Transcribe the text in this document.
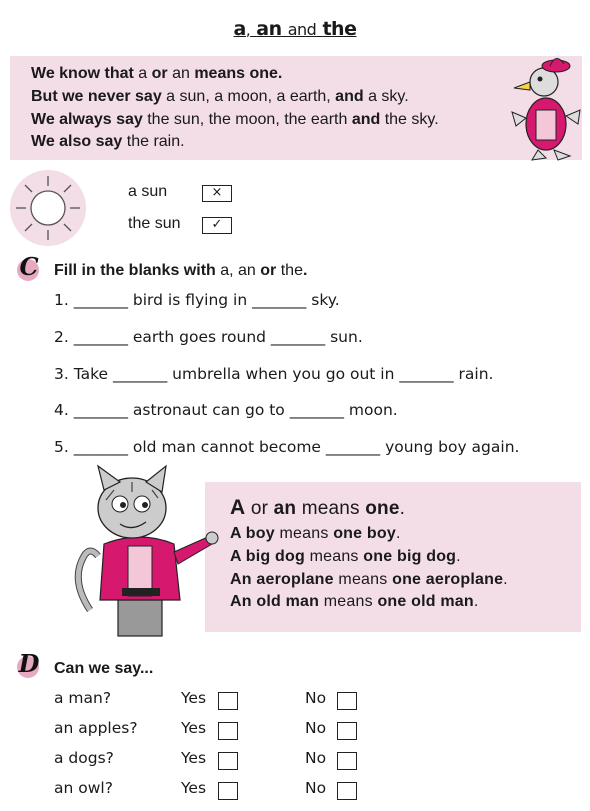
a, an and the
We know that a or an means one.
But we never say a sun, a moon, a earth, and a sky.
We always say the sun, the moon, the earth and the sky.
We also say the rain.
a sun	×
the sun	✓
C Fill in the blanks with a, an or the.
1. _______ bird is flying in _______ sky.
2. _______ earth goes round _______ sun.
3. Take _______ umbrella when you go out in _______ rain.
4. _______ astronaut can go to _______ moon.
5. _______ old man cannot become _______ young boy again.
A or an means one.
A boy means one boy.
A big dog means one big dog.
An aeroplane means one aeroplane.
An old man means one old man.
D Can we say...
a man?	Yes	No
an apples?	Yes	No
a dogs?	Yes	No
an owl?	Yes	No
